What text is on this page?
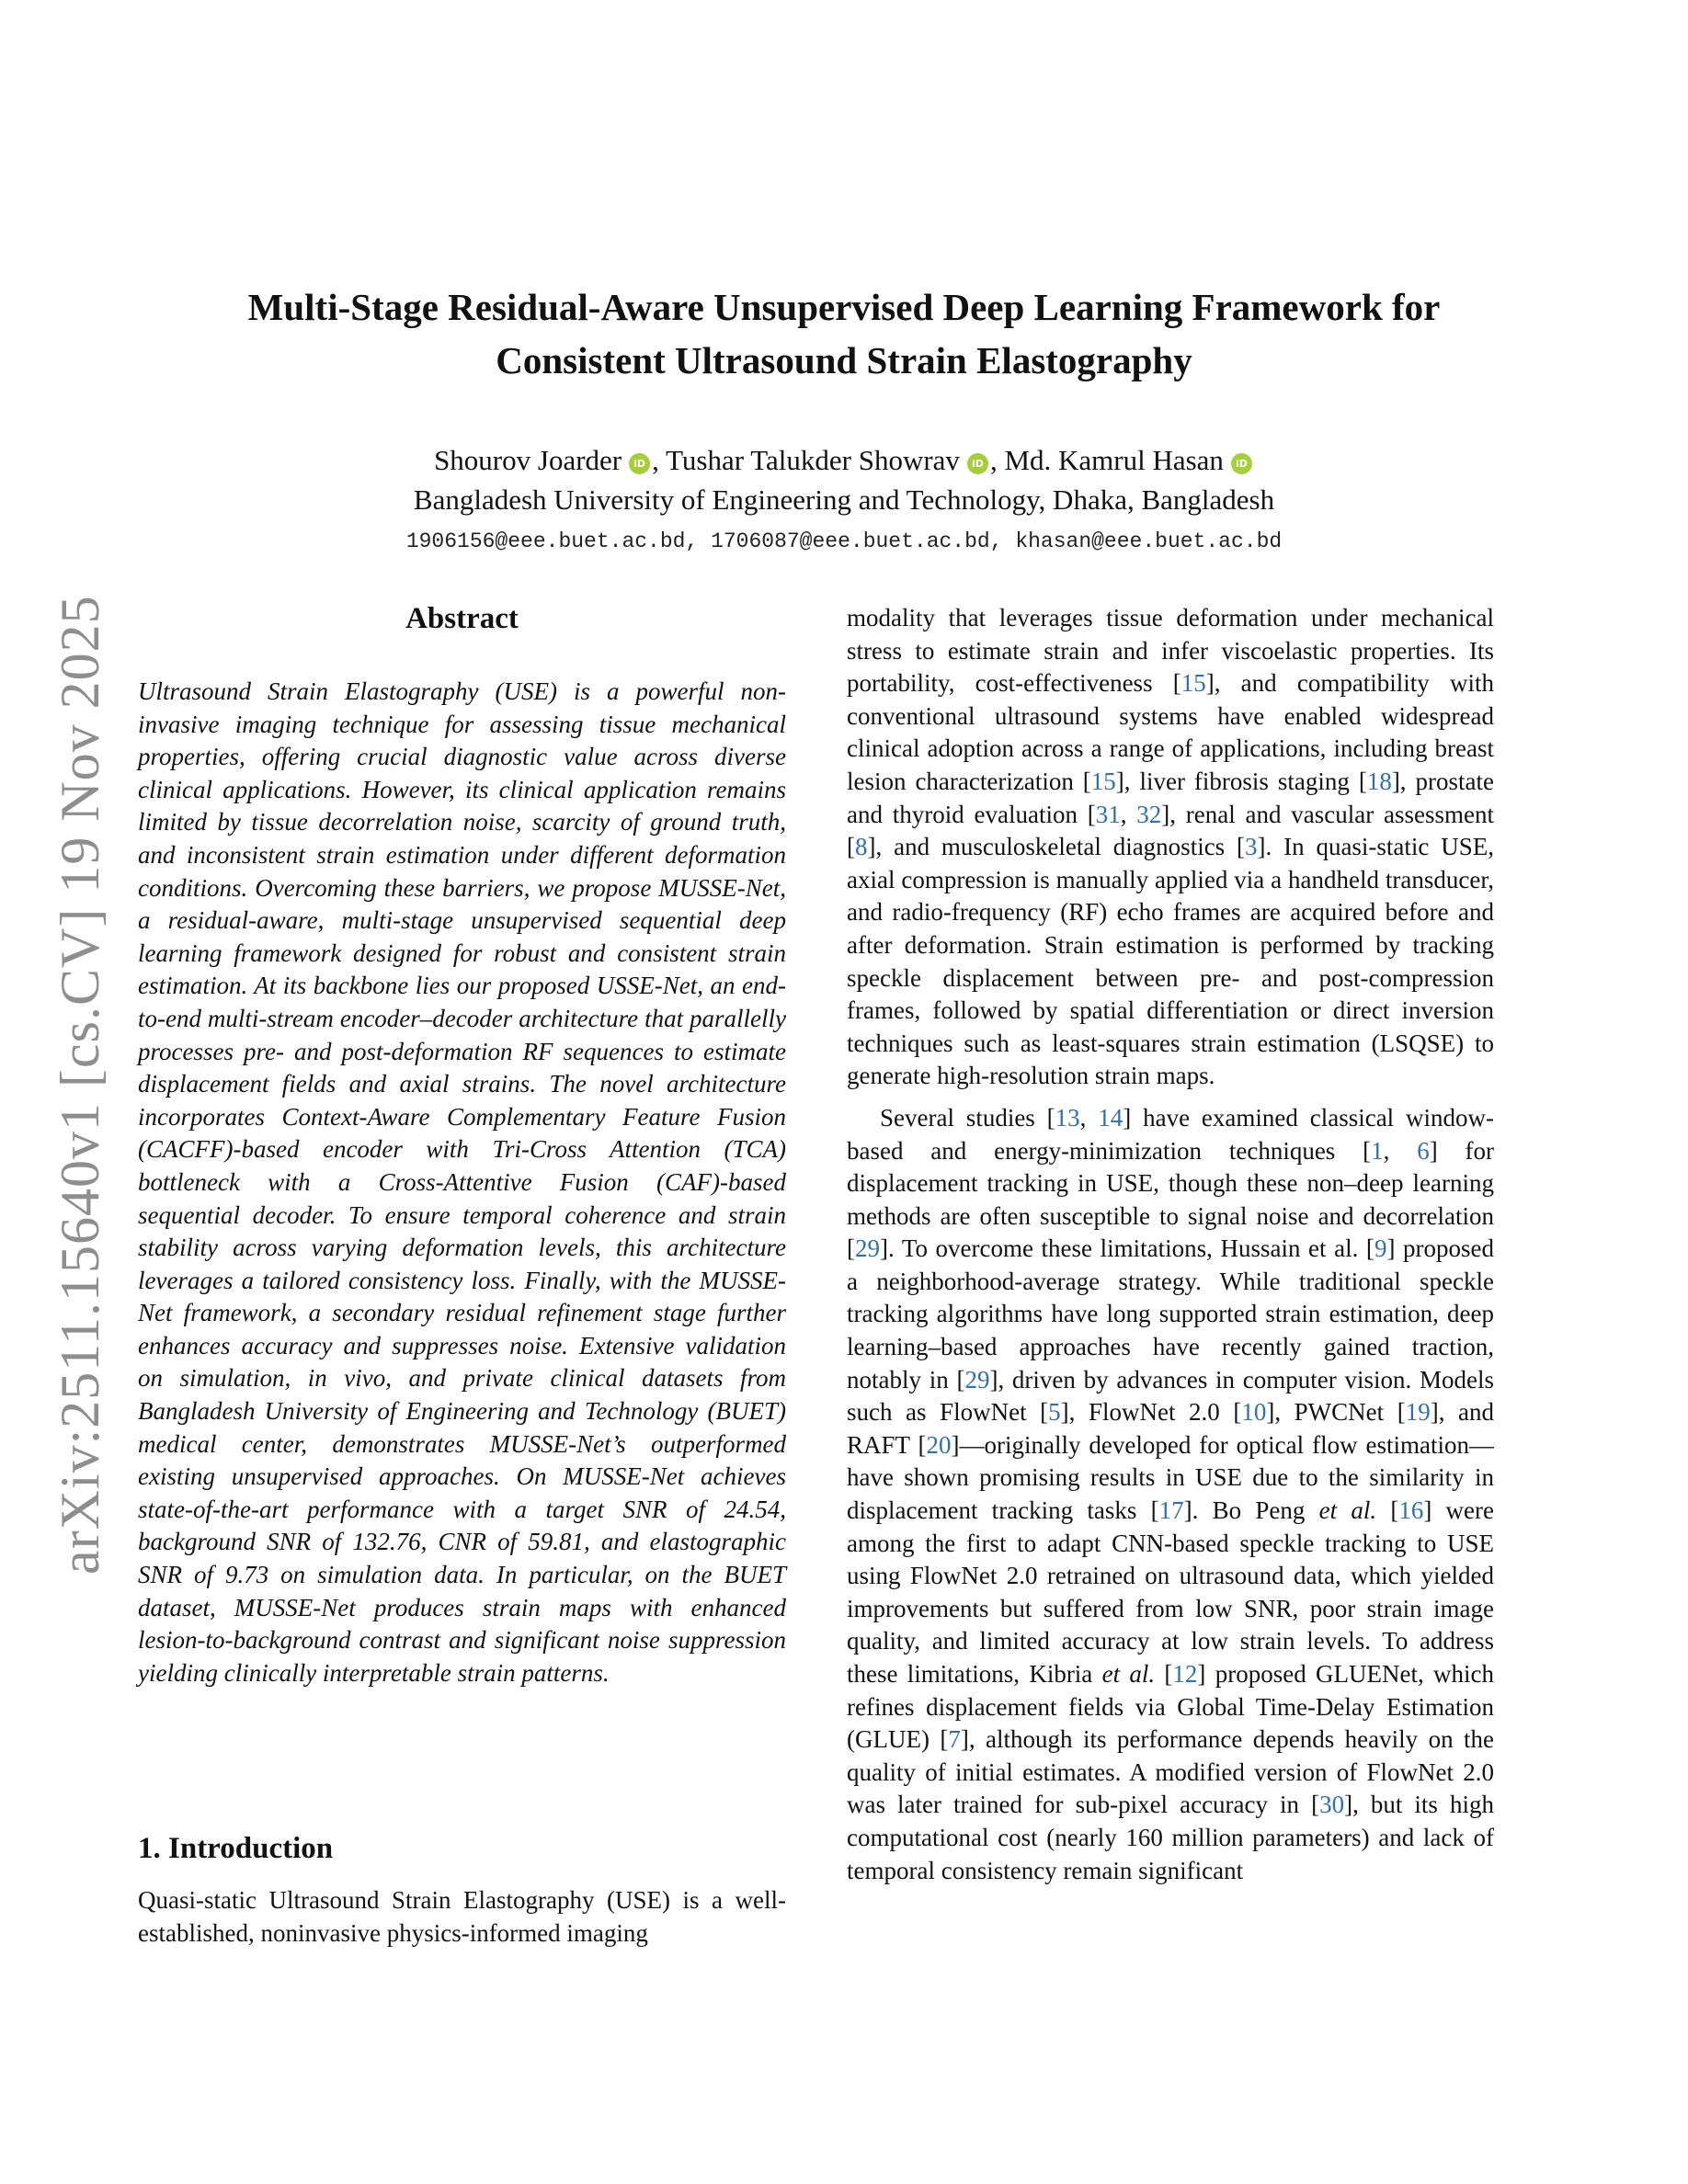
Multi-Stage Residual-Aware Unsupervised Deep Learning Framework for
Consistent Ultrasound Strain Elastography
Shourov Joarder iD , Tushar Talukder Showrav iD , Md. Kamrul Hasan iD
Bangladesh University of Engineering and Technology, Dhaka, Bangladesh
1906156@eee.buet.ac.bd, 1706087@eee.buet.ac.bd, khasan@eee.buet.ac.bd
arXiv:2511.15640v1 [cs.CV] 19 Nov 2025	Abstract
Ultrasound Strain Elastography (USE) is a powerful non-invasive imaging technique for assessing tissue mechanical properties, offering crucial diagnostic value across diverse clinical applications. However, its clinical application remains limited by tissue decorrelation noise, scarcity of ground truth, and inconsistent strain estimation under different deformation conditions. Overcoming these barriers, we propose MUSSE-Net, a residual-aware, multi-stage unsupervised sequential deep learning framework designed for robust and consistent strain estimation. At its backbone lies our proposed USSE-Net, an end-to-end multi-stream encoder–decoder architecture that parallelly processes pre- and post-deformation RF sequences to estimate displacement fields and axial strains. The novel architecture incorporates Context-Aware Complementary Feature Fusion (CACFF)-based encoder with Tri-Cross Attention (TCA) bottleneck with a Cross-Attentive Fusion (CAF)-based sequential decoder. To ensure temporal coherence and strain stability across varying deformation levels, this architecture leverages a tailored consistency loss. Finally, with the MUSSE-Net framework, a secondary residual refinement stage further enhances accuracy and suppresses noise. Extensive validation on simulation, in vivo, and private clinical datasets from Bangladesh University of Engineering and Technology (BUET) medical center, demonstrates MUSSE-Net’s outperformed existing unsupervised approaches. On MUSSE-Net achieves state-of-the-art performance with a target SNR of 24.54, background SNR of 132.76, CNR of 59.81, and elastographic SNR of 9.73 on simulation data. In particular, on the BUET dataset, MUSSE-Net produces strain maps with enhanced lesion-to-background contrast and significant noise suppression yielding clinically interpretable strain patterns.
1. Introduction
Quasi-static Ultrasound Strain Elastography (USE) is a well-established, noninvasive physics-informed imaging

modality that leverages tissue deformation under mechanical stress to estimate strain and infer viscoelastic properties. Its portability, cost-effectiveness [15], and compatibility with conventional ultrasound systems have enabled widespread clinical adoption across a range of applications, including breast lesion characterization [15], liver fibrosis staging [18], prostate and thyroid evaluation [31, 32], renal and vascular assessment [8], and musculoskeletal diagnostics [3]. In quasi-static USE, axial compression is manually applied via a handheld transducer, and radio-frequency (RF) echo frames are acquired before and after deformation. Strain estimation is performed by tracking speckle displacement between pre- and post-compression frames, followed by spatial differentiation or direct inversion techniques such as least-squares strain estimation (LSQSE) to generate high-resolution strain maps.

Several studies [13, 14] have examined classical window-based and energy-minimization techniques [1, 6] for displacement tracking in USE, though these non–deep learning methods are often susceptible to signal noise and decorrelation [29]. To overcome these limitations, Hussain et al. [9] proposed a neighborhood-average strategy. While traditional speckle tracking algorithms have long supported strain estimation, deep learning–based approaches have recently gained traction, notably in [29], driven by advances in computer vision. Models such as FlowNet [5], FlowNet 2.0 [10], PWCNet [19], and RAFT [20]—originally developed for optical flow estimation—have shown promising results in USE due to the similarity in displacement tracking tasks [17]. Bo Peng et al. [16] were among the first to adapt CNN-based speckle tracking to USE using FlowNet 2.0 retrained on ultrasound data, which yielded improvements but suffered from low SNR, poor strain image quality, and limited accuracy at low strain levels. To address these limitations, Kibria et al. [12] proposed GLUENet, which refines displacement fields via Global Time-Delay Estimation (GLUE) [7], although its performance depends heavily on the quality of initial estimates. A modified version of FlowNet 2.0 was later trained for sub-pixel accuracy in [30], but its high computational cost (nearly 160 million parameters) and lack of temporal consistency remain significant
